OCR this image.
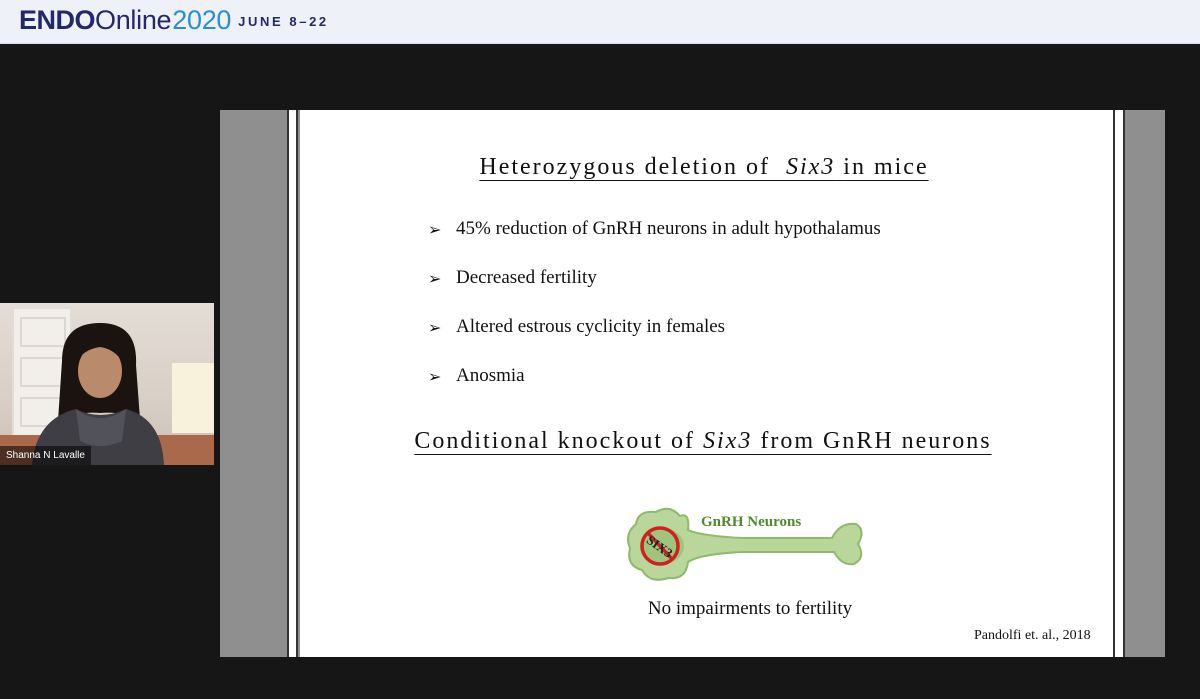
ENDO Online 2020 JUNE 8–22
Shanna N Lavalle
Heterozygous deletion of Six3 in mice
➢ 45% reduction of GnRH neurons in adult hypothalamus
➢ Decreased fertility
➢ Altered estrous cyclicity in females
➢ Anosmia
Conditional knockout of Six3 from GnRH neurons
SIX3
GnRH Neurons
No impairments to fertility
Pandolfi et. al., 2018
